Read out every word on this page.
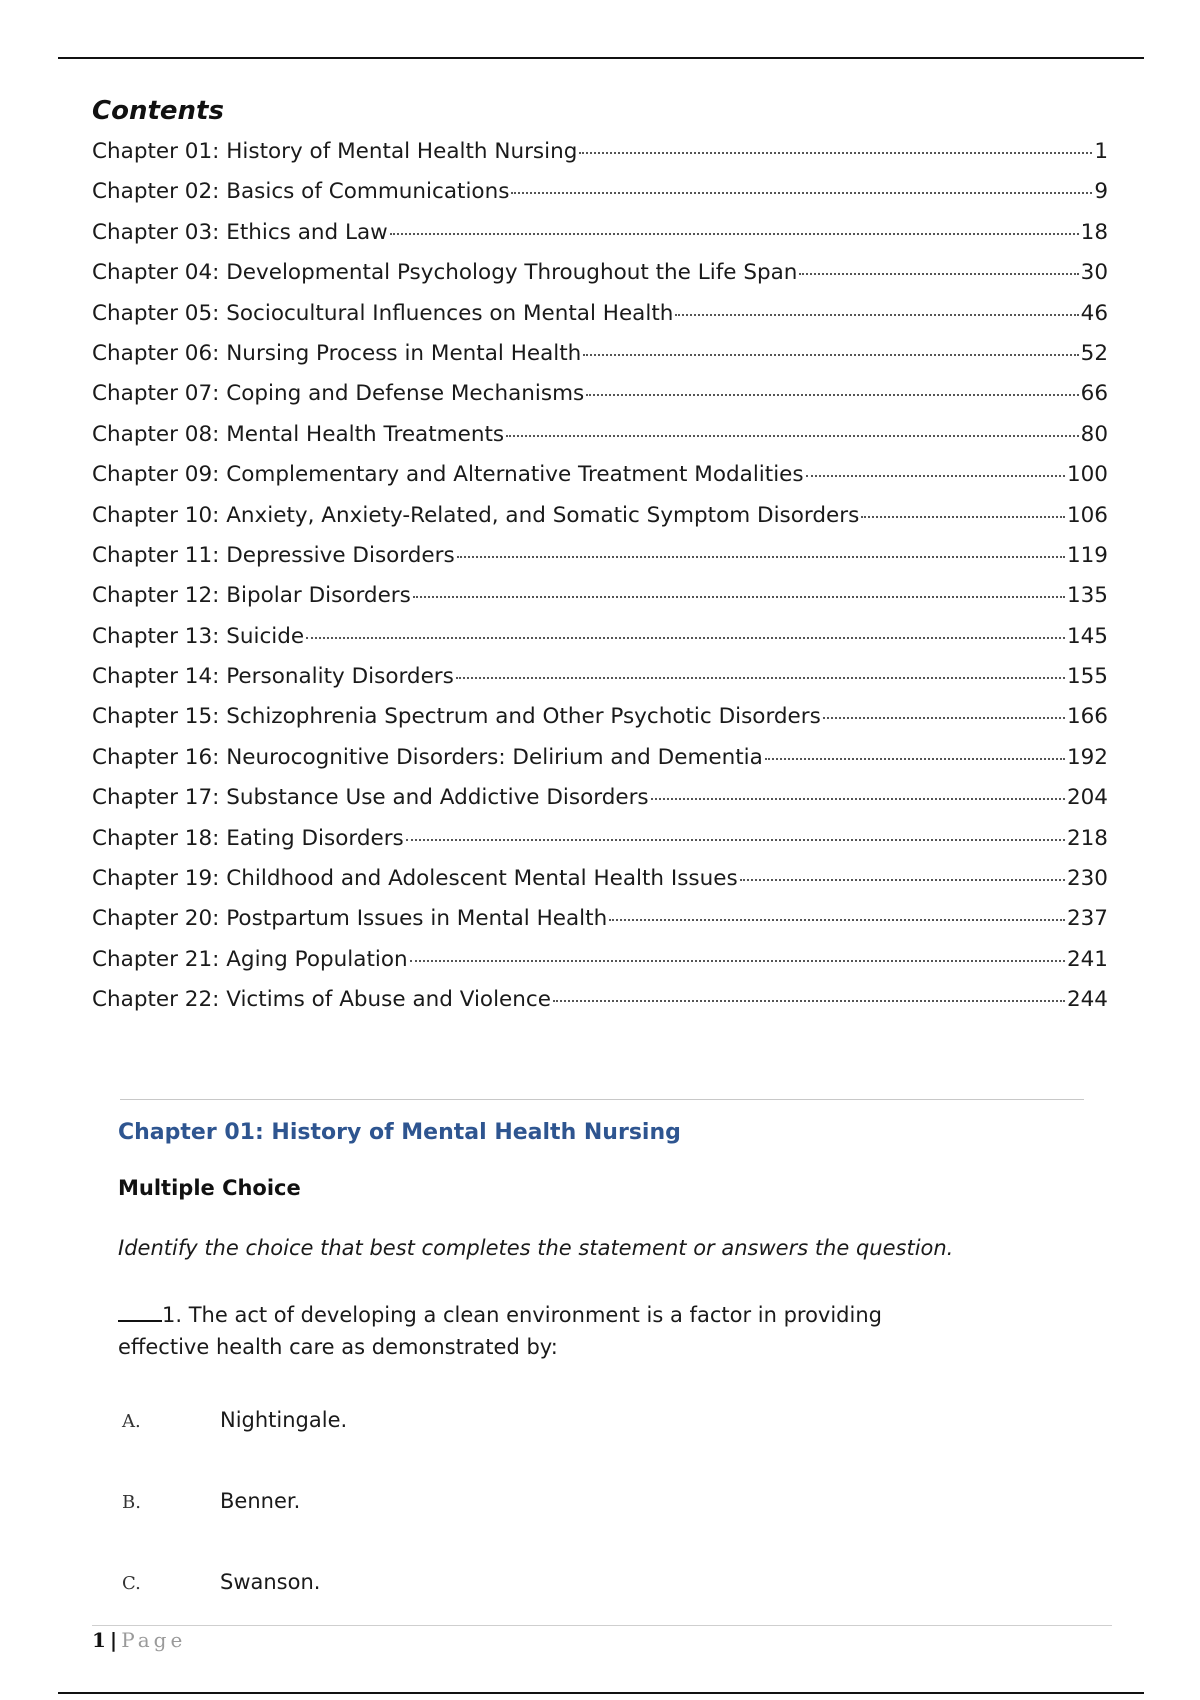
Contents
Chapter 01: History of Mental Health Nursing	1
Chapter 02: Basics of Communications	9
Chapter 03: Ethics and Law	18
Chapter 04: Developmental Psychology Throughout the Life Span	30
Chapter 05: Sociocultural Influences on Mental Health	46
Chapter 06: Nursing Process in Mental Health	52
Chapter 07: Coping and Defense Mechanisms	66
Chapter 08: Mental Health Treatments	80
Chapter 09: Complementary and Alternative Treatment Modalities	100
Chapter 10: Anxiety, Anxiety-Related, and Somatic Symptom Disorders	106
Chapter 11: Depressive Disorders	119
Chapter 12: Bipolar Disorders	135
Chapter 13: Suicide	145
Chapter 14: Personality Disorders	155
Chapter 15: Schizophrenia Spectrum and Other Psychotic Disorders	166
Chapter 16: Neurocognitive Disorders: Delirium and Dementia	192
Chapter 17: Substance Use and Addictive Disorders	204
Chapter 18: Eating Disorders	218
Chapter 19: Childhood and Adolescent Mental Health Issues	230
Chapter 20: Postpartum Issues in Mental Health	237
Chapter 21: Aging Population	241
Chapter 22: Victims of Abuse and Violence	244
Chapter 01: History of Mental Health Nursing
Multiple Choice
Identify the choice that best completes the statement or answers the question.
1. The act of developing a clean environment is a factor in providing effective health care as demonstrated by:
A.	Nightingale.
B.	Benner.
C.	Swanson.
1 | Page
